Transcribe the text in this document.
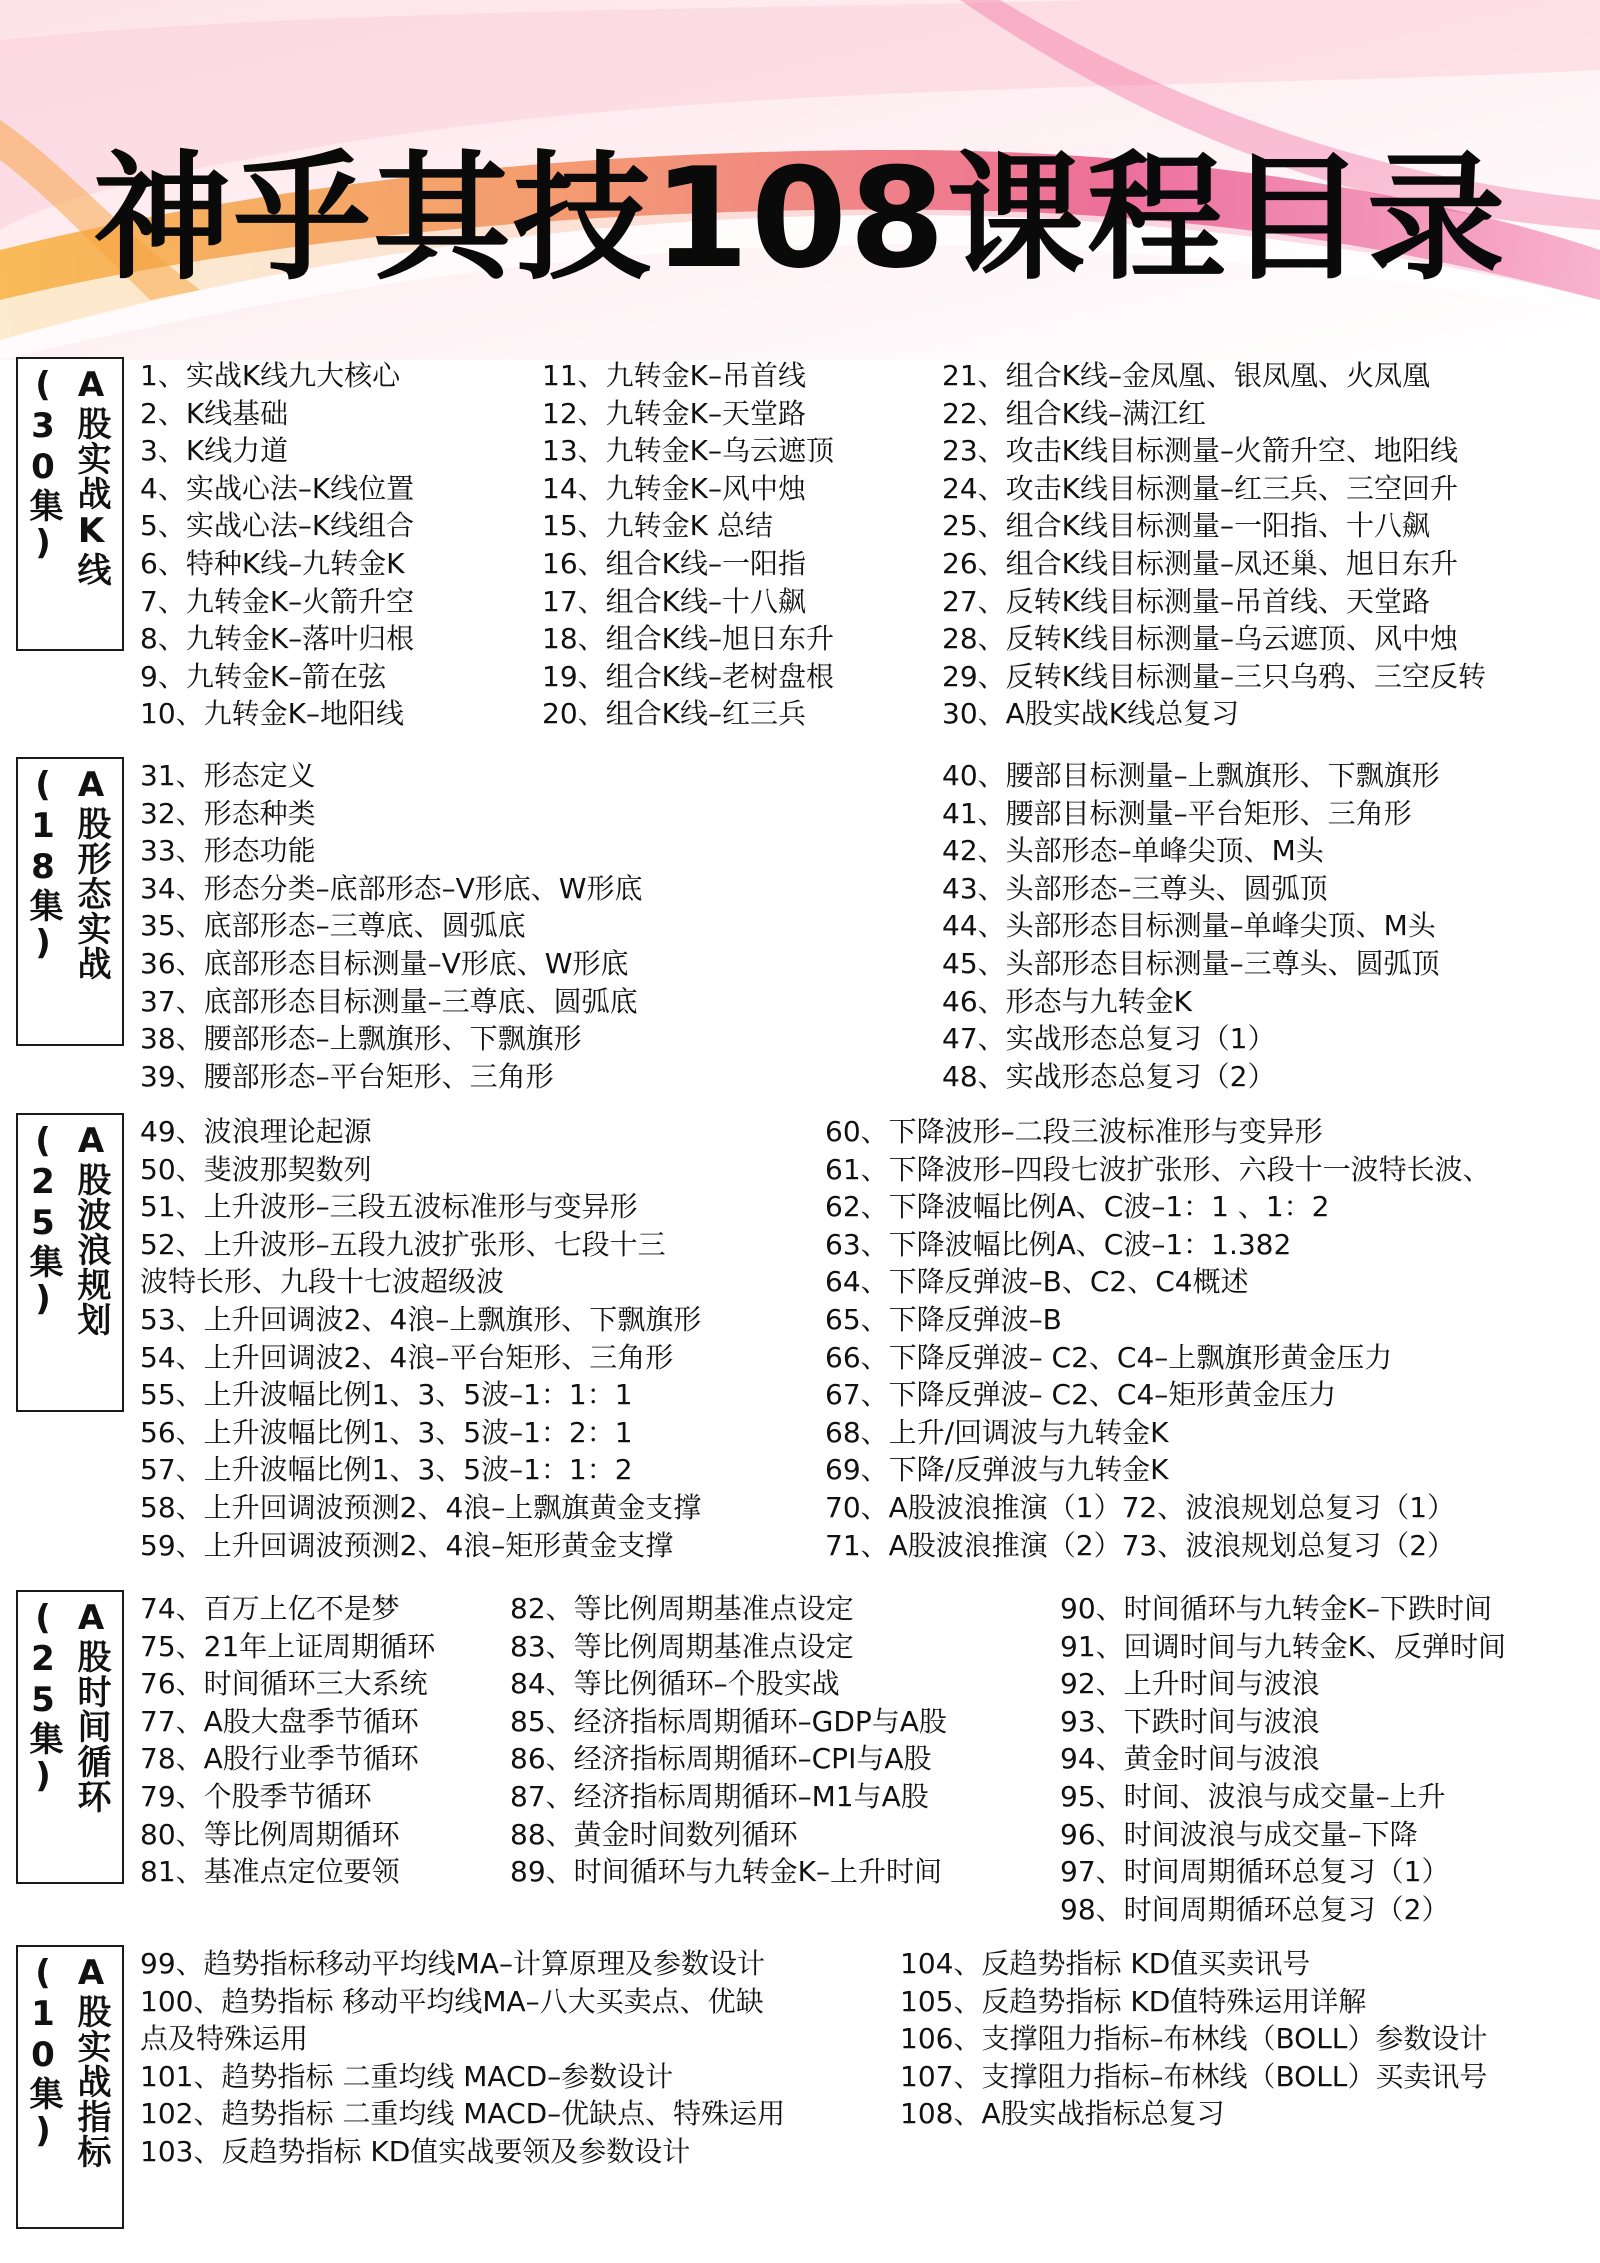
神乎其技108课程目录
(30集) A股实战K线 1、实战K线九大核心
2、K线基础
3、K线力道
4、实战心法–K线位置
5、实战心法–K线组合
6、特种K线–九转金K
7、九转金K–火箭升空
8、九转金K–落叶归根
9、九转金K–箭在弦
10、九转金K–地阳线
11、九转金K–吊首线
12、九转金K–天堂路
13、九转金K–乌云遮顶
14、九转金K–风中烛
15、九转金K 总结
16、组合K线–一阳指
17、组合K线–十八飙
18、组合K线–旭日东升
19、组合K线–老树盘根
20、组合K线–红三兵
21、组合K线–金凤凰、银凤凰、火凤凰
22、组合K线–满江红
23、攻击K线目标测量–火箭升空、地阳线
24、攻击K线目标测量–红三兵、三空回升
25、组合K线目标测量–一阳指、十八飙
26、组合K线目标测量–凤还巢、旭日东升
27、反转K线目标测量–吊首线、天堂路
28、反转K线目标测量–乌云遮顶、风中烛
29、反转K线目标测量–三只乌鸦、三空反转
30、A股实战K线总复习
(18集) A股形态实战 31、形态定义
32、形态种类
33、形态功能
34、形态分类–底部形态–V形底、W形底
35、底部形态–三尊底、圆弧底
36、底部形态目标测量–V形底、W形底
37、底部形态目标测量–三尊底、圆弧底
38、腰部形态–上飘旗形、下飘旗形
39、腰部形态–平台矩形、三角形
40、腰部目标测量–上飘旗形、下飘旗形
41、腰部目标测量–平台矩形、三角形
42、头部形态–单峰尖顶、M头
43、头部形态–三尊头、圆弧顶
44、头部形态目标测量–单峰尖顶、M头
45、头部形态目标测量–三尊头、圆弧顶
46、形态与九转金K
47、实战形态总复习（1）
48、实战形态总复习（2）
(25集) A股波浪规划 49、波浪理论起源
50、斐波那契数列
51、上升波形–三段五波标准形与变异形
52、上升波形–五段九波扩张形、七段十三
波特长形、九段十七波超级波
53、上升回调波2、4浪–上飘旗形、下飘旗形
54、上升回调波2、4浪–平台矩形、三角形
55、上升波幅比例1、3、5波–1：1：1
56、上升波幅比例1、3、5波–1：2：1
57、上升波幅比例1、3、5波–1：1：2
58、上升回调波预测2、4浪–上飘旗黄金支撑
59、上升回调波预测2、4浪–矩形黄金支撑
60、下降波形–二段三波标准形与变异形
61、下降波形–四段七波扩张形、六段十一波特长波、
62、下降波幅比例A、C波–1：1 、1：2
63、下降波幅比例A、C波–1：1.382
64、下降反弹波–B、C2、C4概述
65、下降反弹波–B
66、下降反弹波– C2、C4–上飘旗形黄金压力
67、下降反弹波– C2、C4–矩形黄金压力
68、上升/回调波与九转金K
69、下降/反弹波与九转金K
70、A股波浪推演（1）72、波浪规划总复习（1）
71、A股波浪推演（2）73、波浪规划总复习（2）
(25集) A股时间循环 74、百万上亿不是梦
75、21年上证周期循环
76、时间循环三大系统
77、A股大盘季节循环
78、A股行业季节循环
79、个股季节循环
80、等比例周期循环
81、基准点定位要领
82、等比例周期基准点设定
83、等比例周期基准点设定
84、等比例循环–个股实战
85、经济指标周期循环–GDP与A股
86、经济指标周期循环–CPI与A股
87、经济指标周期循环–M1与A股
88、黄金时间数列循环
89、时间循环与九转金K–上升时间
90、时间循环与九转金K–下跌时间
91、回调时间与九转金K、反弹时间
92、上升时间与波浪
93、下跌时间与波浪
94、黄金时间与波浪
95、时间、波浪与成交量–上升
96、时间波浪与成交量–下降
97、时间周期循环总复习（1）
98、时间周期循环总复习（2）
(10集) A股实战指标 99、趋势指标移动平均线MA–计算原理及参数设计
100、趋势指标 移动平均线MA–八大买卖点、优缺
点及特殊运用
101、趋势指标 二重均线 MACD–参数设计
102、趋势指标 二重均线 MACD–优缺点、特殊运用
103、反趋势指标 KD值实战要领及参数设计
104、反趋势指标 KD值买卖讯号
105、反趋势指标 KD值特殊运用详解
106、支撑阻力指标–布林线（BOLL）参数设计
107、支撑阻力指标–布林线（BOLL）买卖讯号
108、A股实战指标总复习
